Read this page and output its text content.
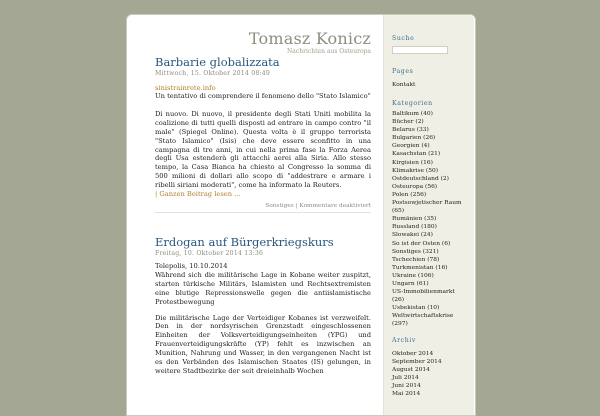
Tomasz Konicz
Nachrichten aus Osteuropa
Barbarie globalizzata
Mittwoch, 15. Oktober 2014 08:49
sinistrainrete.info

Un tentativo di comprendere il fenomeno dello "Stato Islamico"

Di nuovo. Di nuovo, il presidente degli Stati Uniti mobilita la coalizione di tutti quelli disposti ad entrare in campo contro "il male" (Spiegel Online). Questa volta è il gruppo terrorista "Stato Islamico" (Isis) che deve essere sconfitto in una campagna di tre anni, in cui nella prima fase la Forza Aerea degli Usa estenderà gli attacchi aerei alla Siria. Allo stesso tempo, la Casa Bianca ha chiesto al Congresso la somma di 500 milioni di dollari allo scopo di "addestrare e armare i ribelli siriani moderati", come ha informato la Reuters.

| Ganzen Beitrag lesen ...
Sonstiges | Kommentare deaktiviert
Erdogan auf Bürgerkriegskurs
Freitag, 10. Oktober 2014 13:36

Telepolis, 10.10.2014

Während sich die militärische Lage in Kobane weiter zuspitzt, starten türkische Militärs, Islamisten und Rechtsextremisten eine blutige Repressionswelle gegen die antiislamistische Protestbewegung

Die militärische Lage der Verteidiger Kobanes ist verzweifelt. Den in der nordsyrischen Grenzstadt eingeschlossenen Einheiten der Volksverteidigungseinheiten (YPG) und Frauenverteidigungskräfte (YP) fehlt es inzwischen an Munition, Nahrung und Wasser, in den vergangenen Nacht ist es den Verbänden des Islamischen Staates (IS) gelungen, in weitere Stadtbezirke der seit dreieinhalb Wochen

Suche
Pages
Kontakt
Kategorien
Baltikum (40)
Bücher (2)
Belarus (33)
Bulgarien (26)
Georgien (4)
Kasachstan (21)
Kirgisien (16)
Klimakrise (50)
Ostdeutschland (2)
Osteuropa (56)
Polen (256)
Postsowjetischer Raum (65)
Rumänien (35)
Russland (180)
Slowakei (24)
So ist der Osten (6)
Sonstiges (321)
Tschechien (78)
Turkmenistan (16)
Ukraine (106)
Ungarn (61)
US-Immobilienmarkt (26)
Usbekistan (10)
Weltwirtschaftskrise (297)
Archiv
Oktober 2014
September 2014
August 2014
Juli 2014
Juni 2014
Mai 2014
